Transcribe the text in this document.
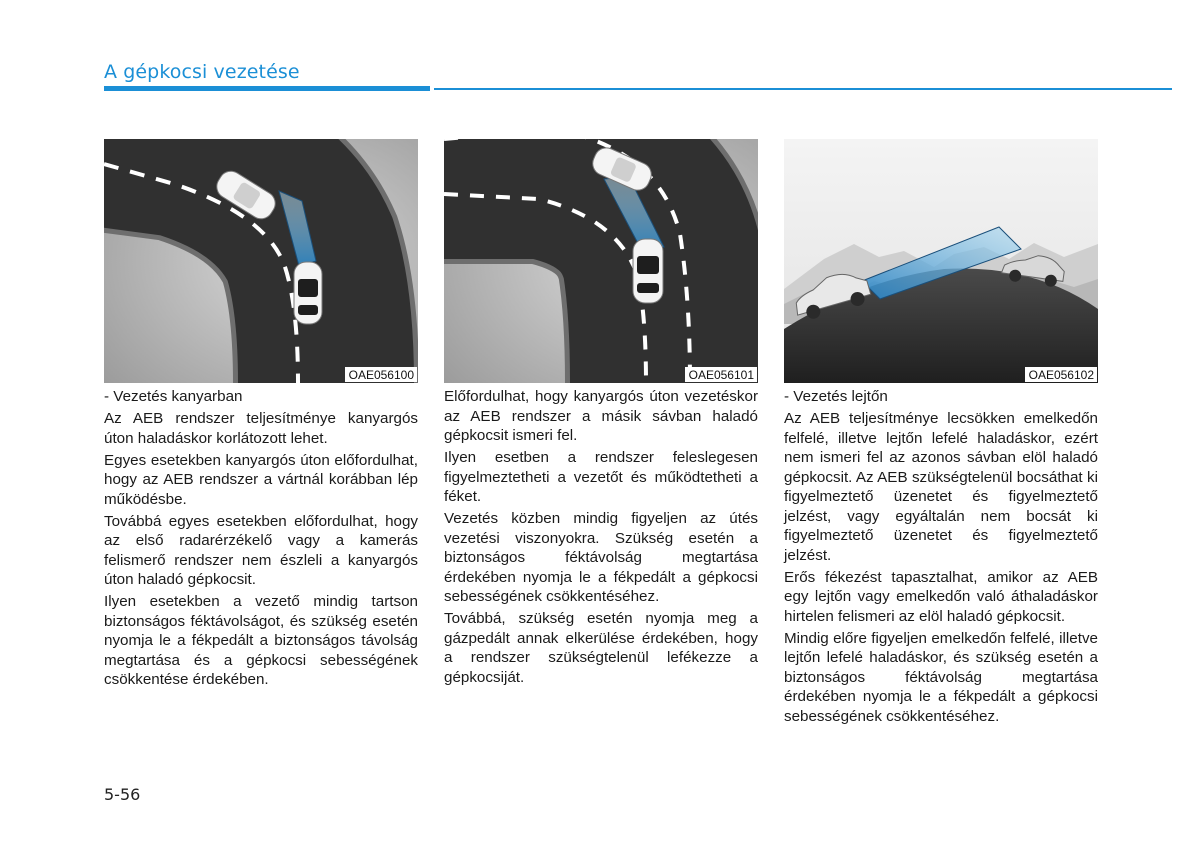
A gépkocsi vezetése
OAE056100

- Vezetés kanyarban

Az AEB rendszer teljesítménye kanyargós úton haladáskor korlátozott lehet.

Egyes esetekben kanyargós úton előfordulhat, hogy az AEB rendszer a vártnál korábban lép működésbe.

Továbbá egyes esetekben előfordulhat, hogy az első radarérzékelő vagy a kamerás felismerő rendszer nem észleli a kanyargós úton haladó gépkocsit.

Ilyen esetekben a vezető mindig tartson biztonságos féktávolságot, és szükség esetén nyomja le a fékpedált a biztonságos távolság megtartása és a gépkocsi sebességének csökkentése érdekében.

OAE056101

Előfordulhat, hogy kanyargós úton vezetéskor az AEB rendszer a másik sávban haladó gépkocsit ismeri fel.

Ilyen esetben a rendszer feleslegesen figyelmeztetheti a vezetőt és működtetheti a féket.

Vezetés közben mindig figyeljen az útés vezetési viszonyokra. Szükség esetén a biztonságos féktávolság megtartása érdekében nyomja le a fékpedált a gépkocsi sebességének csökkentéséhez.

Továbbá, szükség esetén nyomja meg a gázpedált annak elkerülése érdekében, hogy a rendszer szükségtelenül lefékezze a gépkocsiját.

OAE056102

- Vezetés lejtőn

Az AEB teljesítménye lecsökken emelkedőn felfelé, illetve lejtőn lefelé haladáskor, ezért nem ismeri fel az azonos sávban elöl haladó gépkocsit. Az AEB szükségtelenül bocsáthat ki figyelmeztető üzenetet és figyelmeztető jelzést, vagy egyáltalán nem bocsát ki figyelmeztető üzenetet és figyelmeztető jelzést.

Erős fékezést tapasztalhat, amikor az AEB egy lejtőn vagy emelkedőn való áthaladáskor hirtelen felismeri az elöl haladó gépkocsit.

Mindig előre figyeljen emelkedőn felfelé, illetve lejtőn lefelé haladáskor, és szükség esetén a biztonságos féktávolság megtartása érdekében nyomja le a fékpedált a gépkocsi sebességének csökkentéséhez.

5-56
